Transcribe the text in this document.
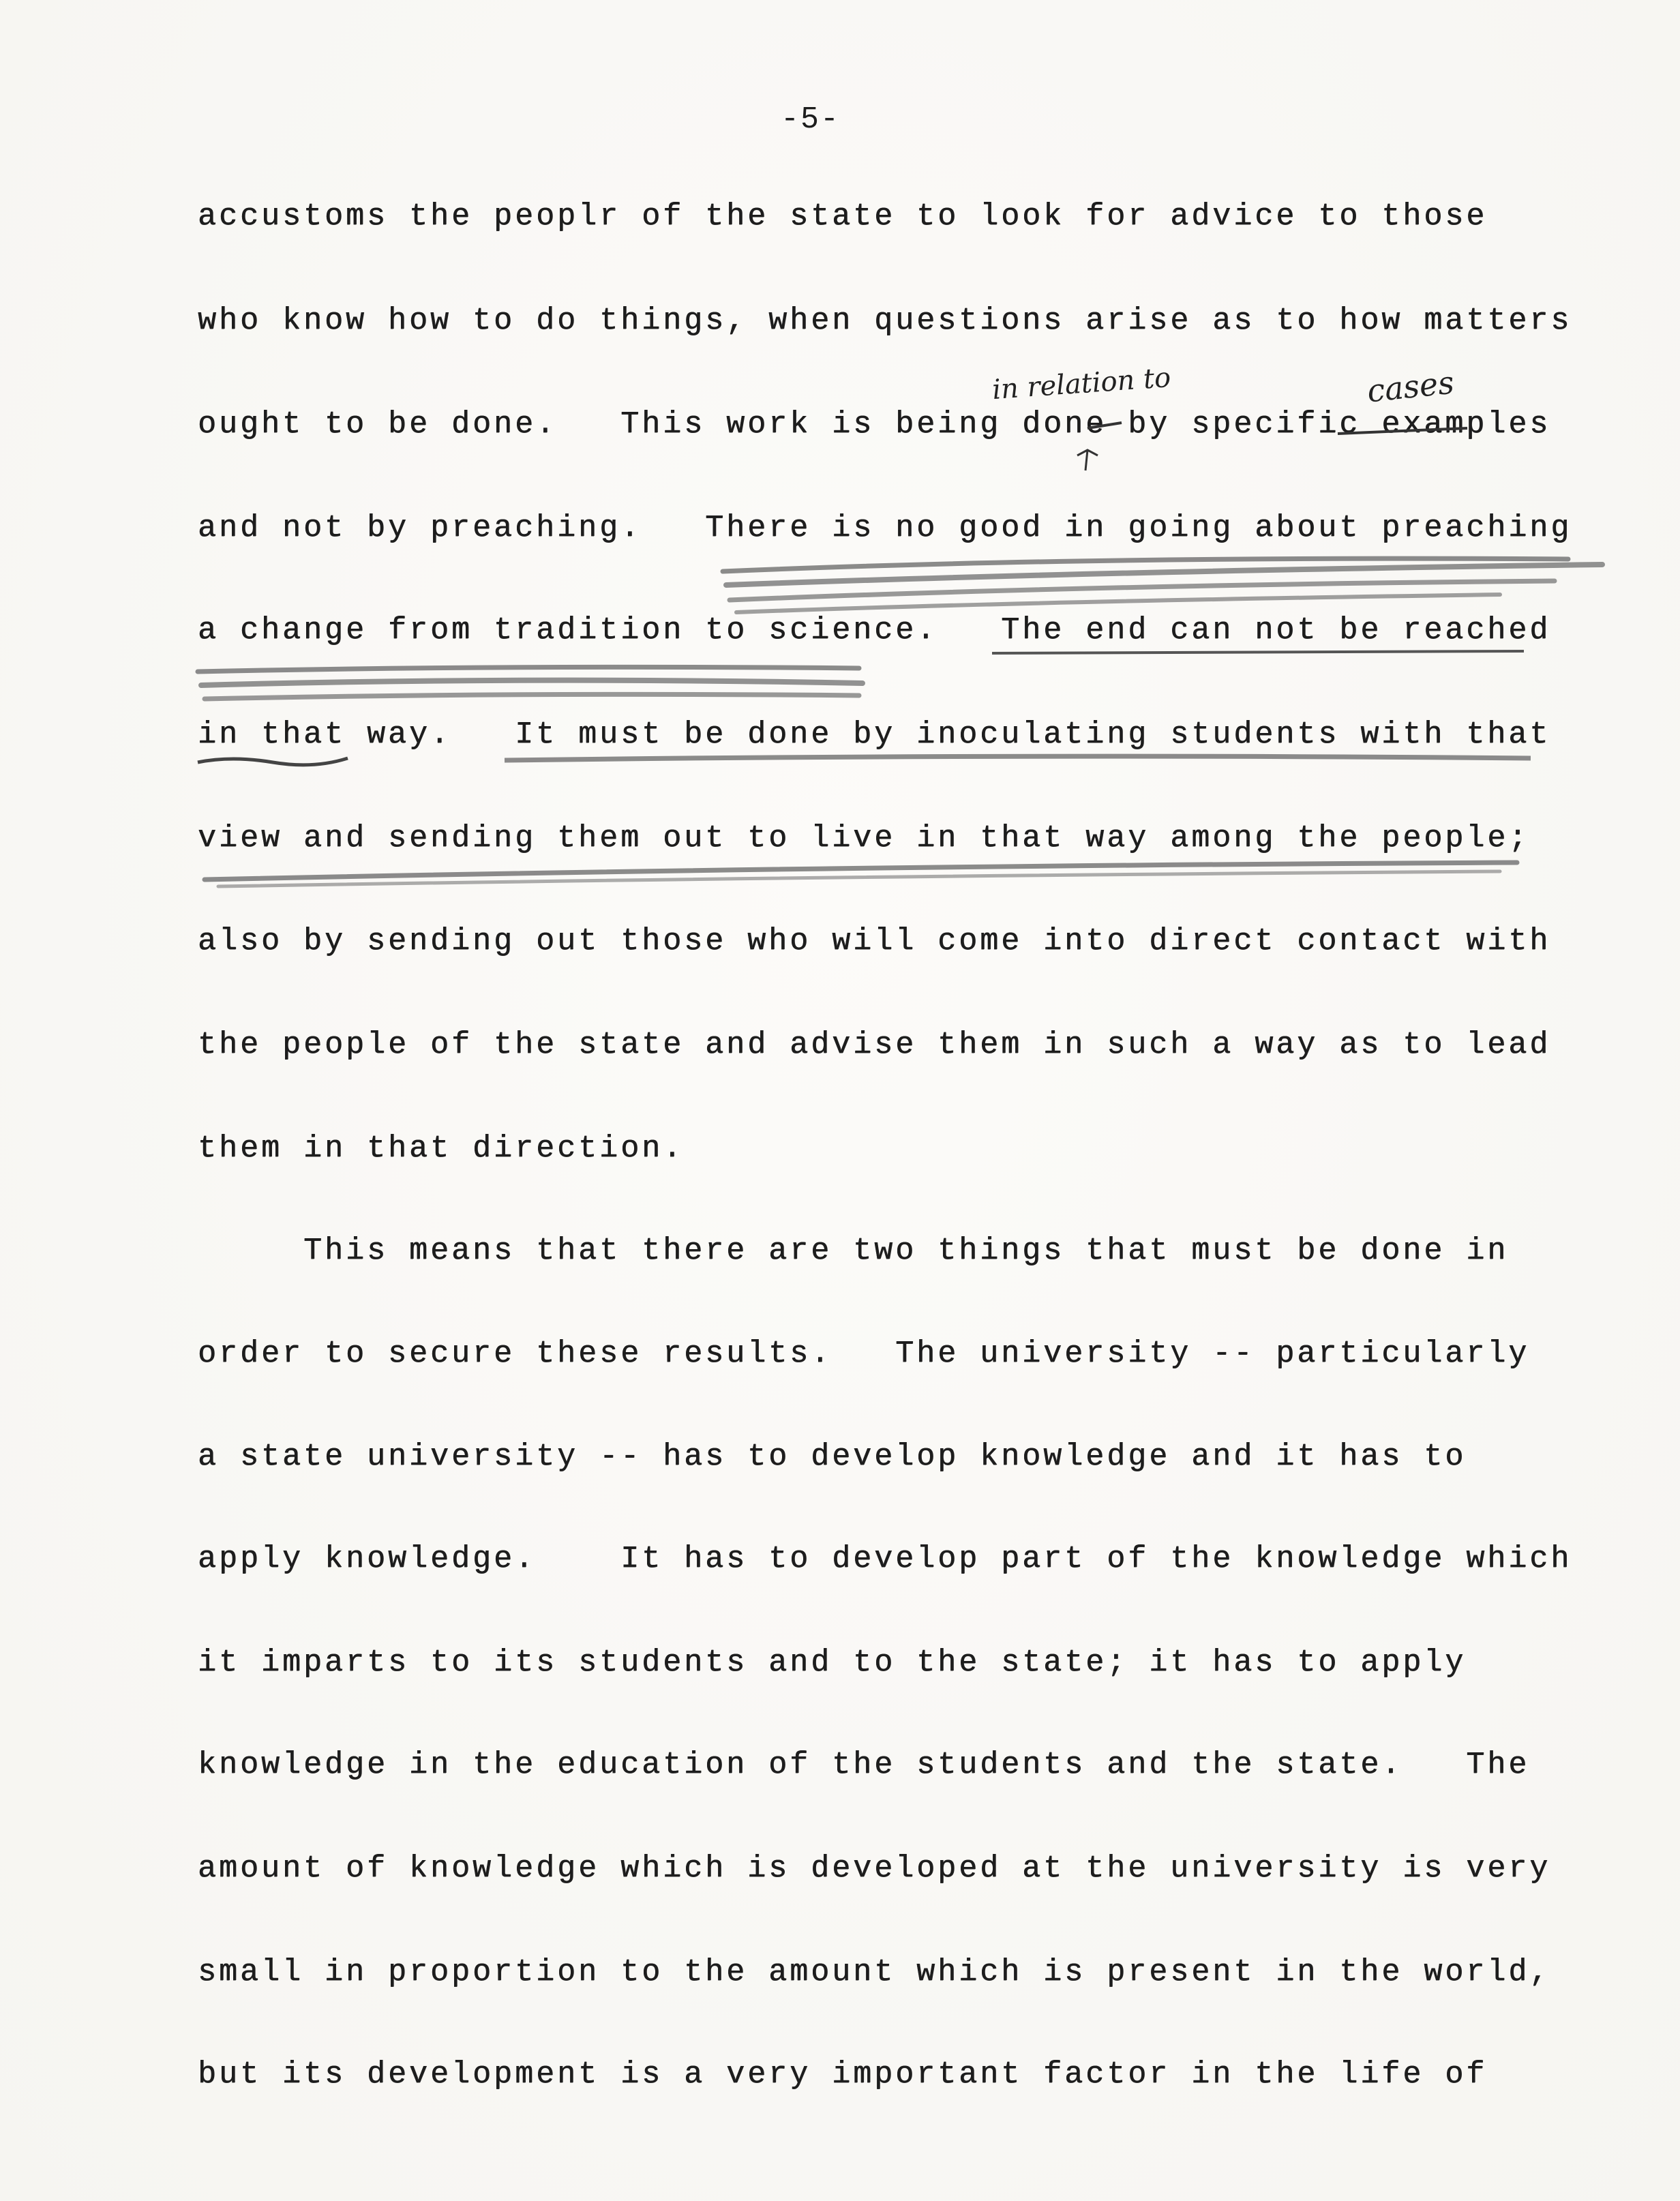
-5-
accustoms the peoplr of the state to look for advice to those
who know how to do things, when questions arise as to how matters
ought to be done.   This work is being done by specific examples
and not by preaching.   There is no good in going about preaching
a change from tradition to science.   The end can not be reached
in that way.   It must be done by inoculating students with that
view and sending them out to live in that way among the people;
also by sending out those who will come into direct contact with
the people of the state and advise them in such a way as to lead
them in that direction.
This means that there are two things that must be done in
order to secure these results.   The university -- particularly
a state university -- has to develop knowledge and it has to
apply knowledge.    It has to develop part of the knowledge which
it imparts to its students and to the state; it has to apply
knowledge in the education of the students and the state.   The
amount of knowledge which is developed at the university is very
small in proportion to the amount which is present in the world,
but its development is a very important factor in the life of
in relation to	cases
